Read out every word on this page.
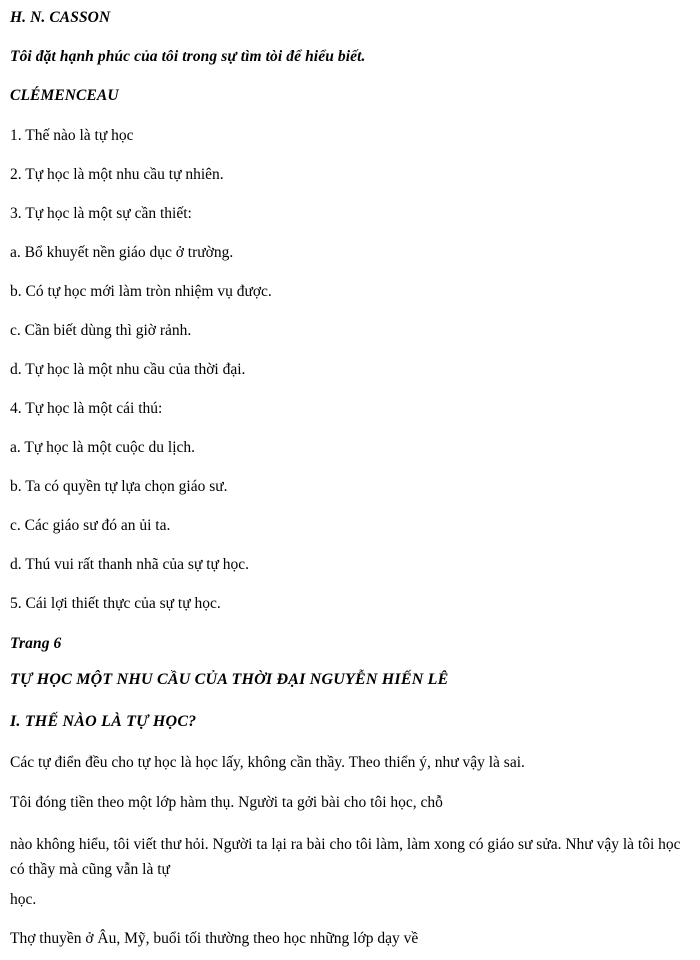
H. N. CASSON
Tôi đặt hạnh phúc của tôi trong sự tìm tòi để hiểu biết.
CLÉMENCEAU
1. Thế nào là tự học
2. Tự học là một nhu cầu tự nhiên.
3. Tự học là một sự cần thiết:
a. Bổ khuyết nền giáo dục ở trường.
b. Có tự học mới làm tròn nhiệm vụ được.
c. Cần biết dùng thì giờ rảnh.
d. Tự học là một nhu cầu của thời đại.
4. Tự học là một cái thú:
a. Tự học là một cuộc du lịch.
b. Ta có quyền tự lựa chọn giáo sư.
c. Các giáo sư đó an ủi ta.
d. Thú vui rất thanh nhã của sự tự học.
5. Cái lợi thiết thực của sự tự học.
Trang 6
TỰ HỌC MỘT NHU CẦU CỦA THỜI ĐẠI NGUYỄN HIẾN LÊ
I. THẾ NÀO LÀ TỰ HỌC?
Các tự điển đều cho tự học là học lấy, không cần thầy. Theo thiển ý, như vậy là sai.
Tôi đóng tiền theo một lớp hàm thụ. Người ta gởi bài cho tôi học, chỗ
nào không hiểu, tôi viết thư hỏi. Người ta lại ra bài cho tôi làm, làm xong có giáo sư sửa. Như vậy là tôi học có thầy mà cũng vẫn là tự
học.
Thợ thuyền ở Âu, Mỹ, buổi tối thường theo học những lớp dạy về
